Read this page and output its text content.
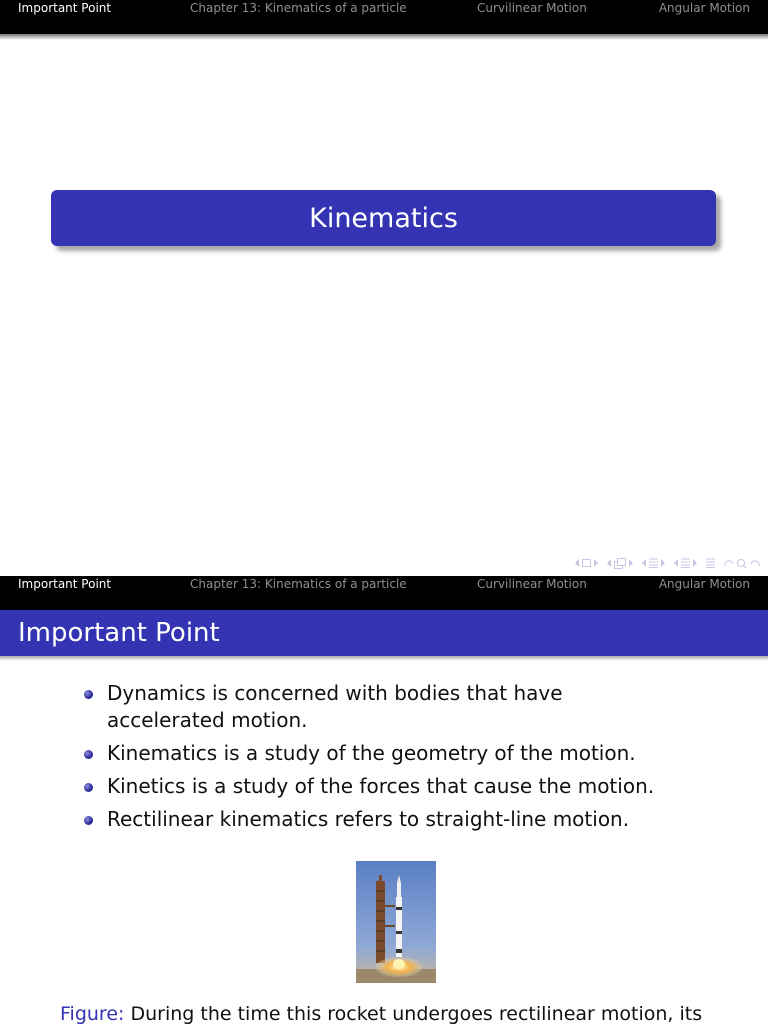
Important Point	Chapter 13: Kinematics of a particle	Curvilinear Motion	Angular Motion
Kinematics
Important Point	Chapter 13: Kinematics of a particle	Curvilinear Motion	Angular Motion
Important Point
Dynamics is concerned with bodies that have accelerated motion.
Kinematics is a study of the geometry of the motion.
Kinetics is a study of the forces that cause the motion.
Rectilinear kinematics refers to straight-line motion.
Figure: During the time this rocket undergoes rectilinear motion, its
